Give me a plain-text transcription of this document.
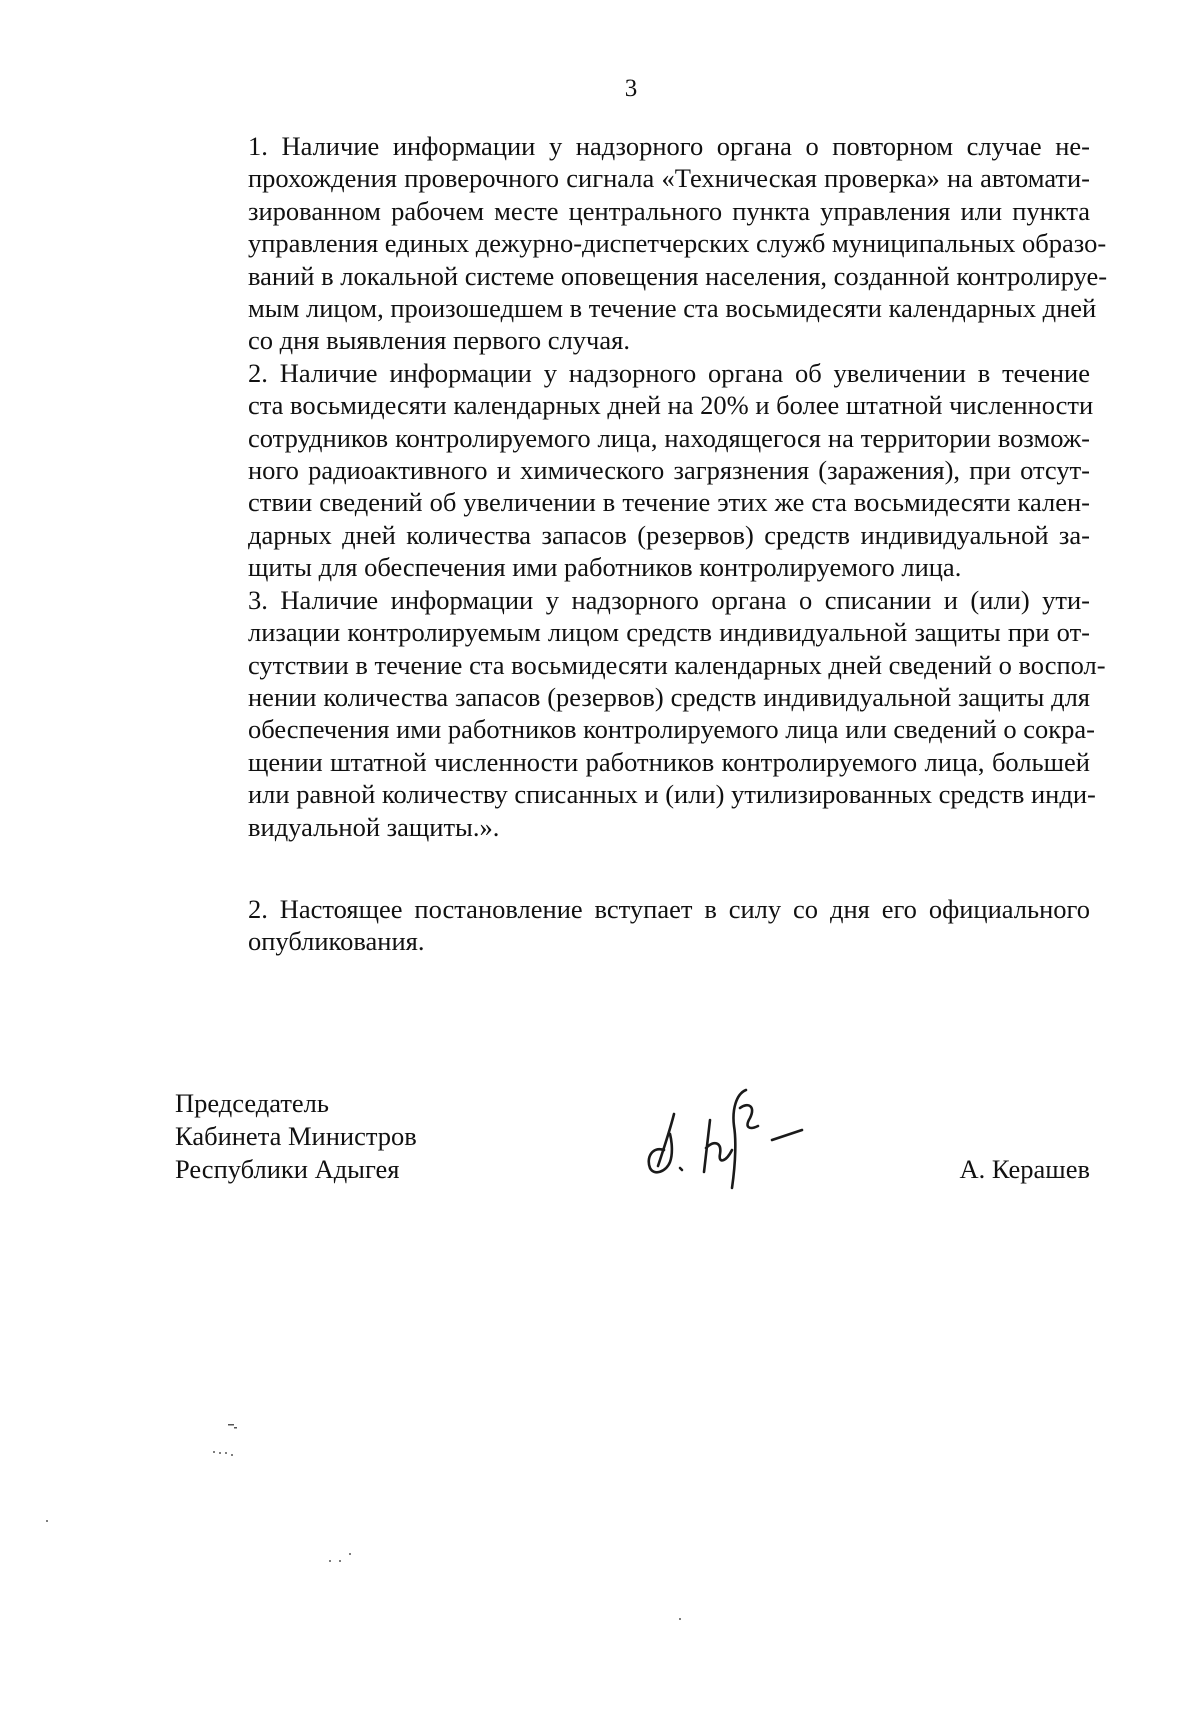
3

1. Наличие информации у надзорного органа о повторном случае не-
прохождения проверочного сигнала «Техническая проверка» на автомати-
зированном рабочем месте центрального пункта управления или пункта
управления единых дежурно-диспетчерских служб муниципальных образо-
ваний в локальной системе оповещения населения, созданной контролируе-
мым лицом, произошедшем в течение ста восьмидесяти календарных дней
со дня выявления первого случая.

2. Наличие информации у надзорного органа об увеличении в течение
ста восьмидесяти календарных дней на 20% и более штатной численности
сотрудников контролируемого лица, находящегося на территории возмож-
ного радиоактивного и химического загрязнения (заражения), при отсут-
ствии сведений об увеличении в течение этих же ста восьмидесяти кален-
дарных дней количества запасов (резервов) средств индивидуальной за-
щиты для обеспечения ими работников контролируемого лица.

3. Наличие информации у надзорного органа о списании и (или) ути-
лизации контролируемым лицом средств индивидуальной защиты при от-
сутствии в течение ста восьмидесяти календарных дней сведений о воспол-
нении количества запасов (резервов) средств индивидуальной защиты для
обеспечения ими работников контролируемого лица или сведений о сокра-
щении штатной численности работников контролируемого лица, большей
или равной количеству списанных и (или) утилизированных средств инди-
видуальной защиты.».

2. Настоящее постановление вступает в силу со дня его официального
опубликования.

Председатель
Кабинета Министров
Республики Адыгея	А. Керашев
